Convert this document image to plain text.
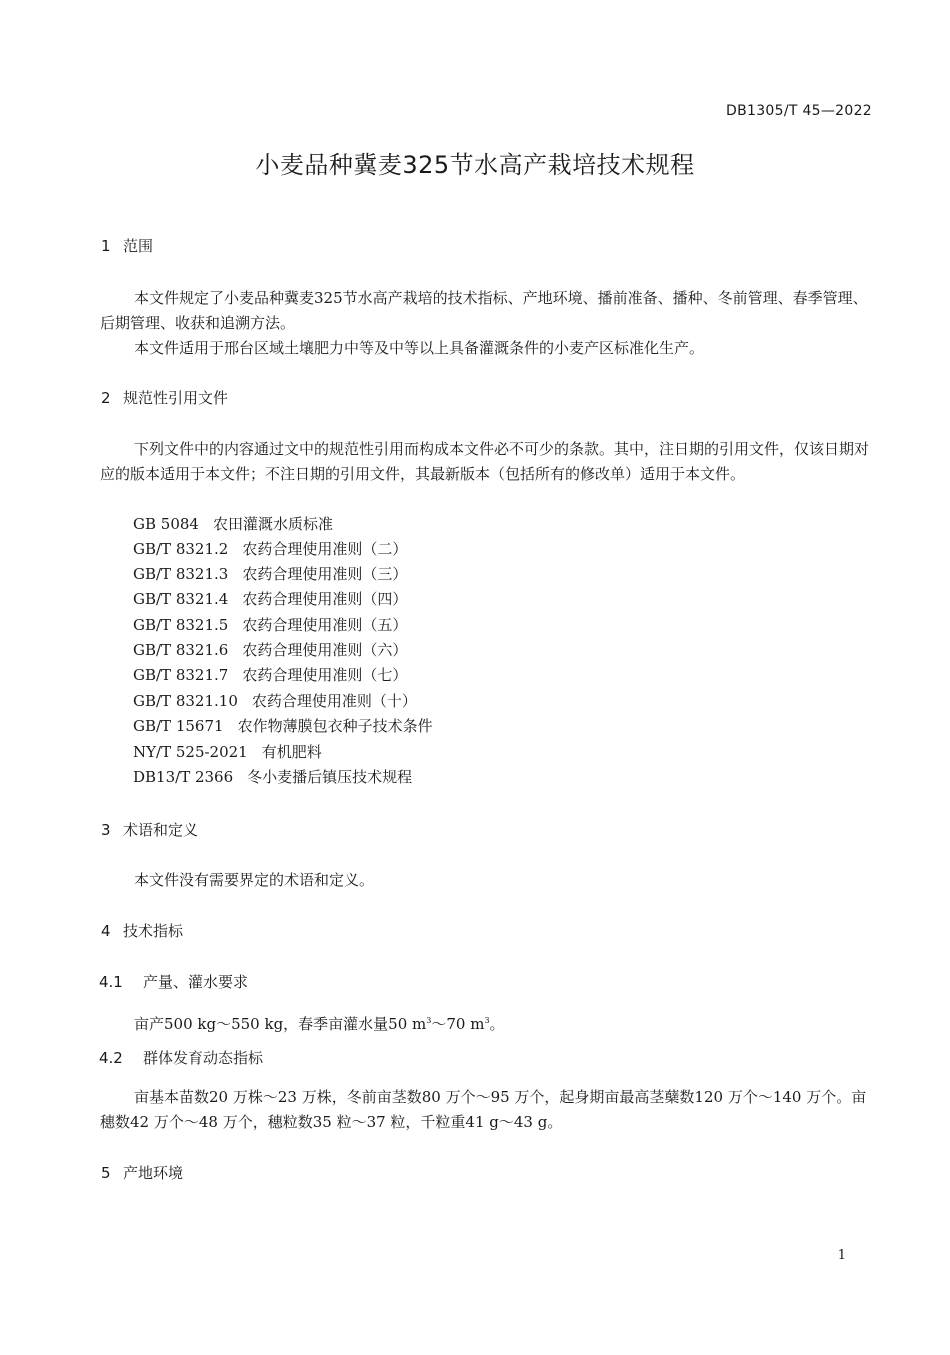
DB1305/T 45—2022
小麦品种冀麦325节水高产栽培技术规程
1 范围
本文件规定了小麦品种冀麦325节水高产栽培的技术指标、产地环境、播前准备、播种、冬前管理、春季管理、后期管理、收获和追溯方法。
本文件适用于邢台区域土壤肥力中等及中等以上具备灌溉条件的小麦产区标准化生产。
2 规范性引用文件
下列文件中的内容通过文中的规范性引用而构成本文件必不可少的条款。其中，注日期的引用文件，仅该日期对应的版本适用于本文件；不注日期的引用文件，其最新版本（包括所有的修改单）适用于本文件。
GB 5084 农田灌溉水质标准
GB/T 8321.2 农药合理使用准则（二）
GB/T 8321.3 农药合理使用准则（三）
GB/T 8321.4 农药合理使用准则（四）
GB/T 8321.5 农药合理使用准则（五）
GB/T 8321.6 农药合理使用准则（六）
GB/T 8321.7 农药合理使用准则（七）
GB/T 8321.10 农药合理使用准则（十）
GB/T 15671 农作物薄膜包衣种子技术条件
NY/T 525-2021 有机肥料
DB13/T 2366 冬小麦播后镇压技术规程
3 术语和定义
本文件没有需要界定的术语和定义。
4 技术指标
4.1 产量、灌水要求
亩产500 kg～550 kg，春季亩灌水量50 $m^3\sim 70$ $m^3$。
4.2 群体发育动态指标
亩基本苗数20 万株～23 万株，冬前亩茎数80 万个～95 万个，起身期亩最高茎蘖数120 万个～140 万个。亩穗数42 万个～48 万个，穗粒数35 粒～37 粒，千粒重41 g～43 g。
5 产地环境
1
